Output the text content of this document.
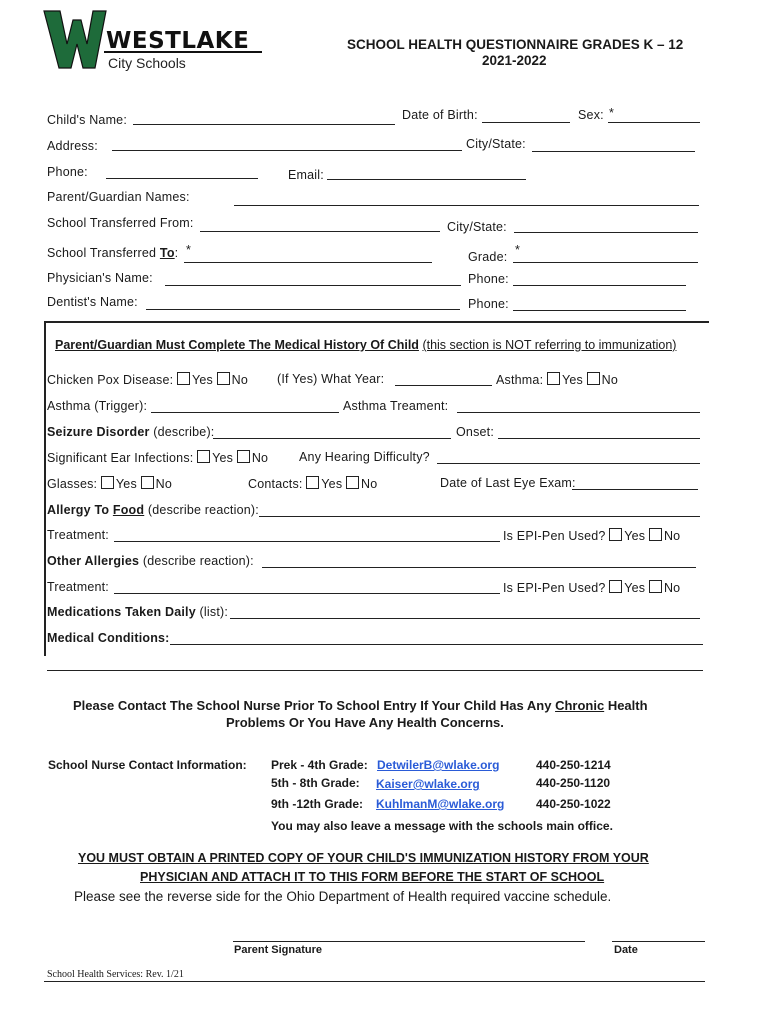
WESTLAKE
City Schools
SCHOOL HEALTH QUESTIONNAIRE GRADES K – 12
2021-2022
Child's Name:	Date of Birth:	Sex: *
Address:	City/State:
Phone:	Email:
Parent/Guardian Names:
School Transferred From:	City/State:
School Transferred To: *	Grade: *
Physician's Name:	Phone:
Dentist's Name:	Phone:
Parent/Guardian Must Complete The Medical History Of Child (this section is NOT referring to immunization)
Chicken Pox Disease: Yes No (If Yes) What Year:	Asthma: Yes No
Asthma (Trigger):	Asthma Treament:
Seizure Disorder (describe):	Onset:
Significant Ear Infections: Yes No Any Hearing Difficulty?
Glasses: Yes No	Contacts: Yes No	Date of Last Eye Exam:
Allergy To Food (describe reaction):
Treatment:	Is EPI-Pen Used? Yes No
Other Allergies (describe reaction):
Treatment:	Is EPI-Pen Used? Yes No
Medications Taken Daily (list):
Medical Conditions:
Please Contact The School Nurse Prior To School Entry If Your Child Has Any Chronic Health
Problems Or You Have Any Health Concerns.
School Nurse Contact Information: Prek - 4th Grade: DetwilerB@wlake.org	440-250-1214
5th - 8th Grade: Kaiser@wlake.org	440-250-1120
9th -12th Grade: KuhlmanM@wlake.org	440-250-1022
You may also leave a message with the schools main office.
YOU MUST OBTAIN A PRINTED COPY OF YOUR CHILD'S IMMUNIZATION HISTORY FROM YOUR
PHYSICIAN AND ATTACH IT TO THIS FORM BEFORE THE START OF SCHOOL
Please see the reverse side for the Ohio Department of Health required vaccine schedule.
Parent Signature	Date
School Health Services: Rev. 1/21
